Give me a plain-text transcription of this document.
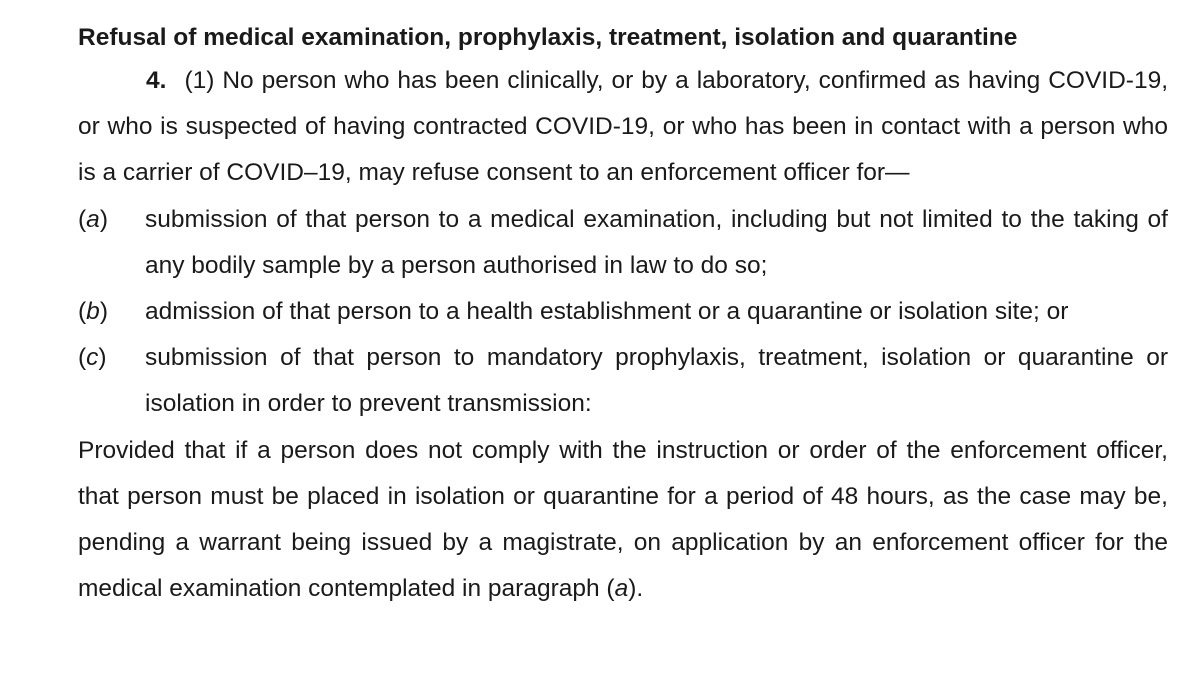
Refusal of medical examination, prophylaxis, treatment, isolation and quarantine
4. (1) No person who has been clinically, or by a laboratory, confirmed as having COVID-19, or who is suspected of having contracted COVID-19, or who has been in contact with a person who is a carrier of COVID–19, may refuse consent to an enforcement officer for—
(a) submission of that person to a medical examination, including but not limited to the taking of any bodily sample by a person authorised in law to do so;
(b) admission of that person to a health establishment or a quarantine or isolation site; or
(c) submission of that person to mandatory prophylaxis, treatment, isolation or quarantine or isolation in order to prevent transmission:
Provided that if a person does not comply with the instruction or order of the enforcement officer, that person must be placed in isolation or quarantine for a period of 48 hours, as the case may be, pending a warrant being issued by a magistrate, on application by an enforcement officer for the medical examination contemplated in paragraph (a).
